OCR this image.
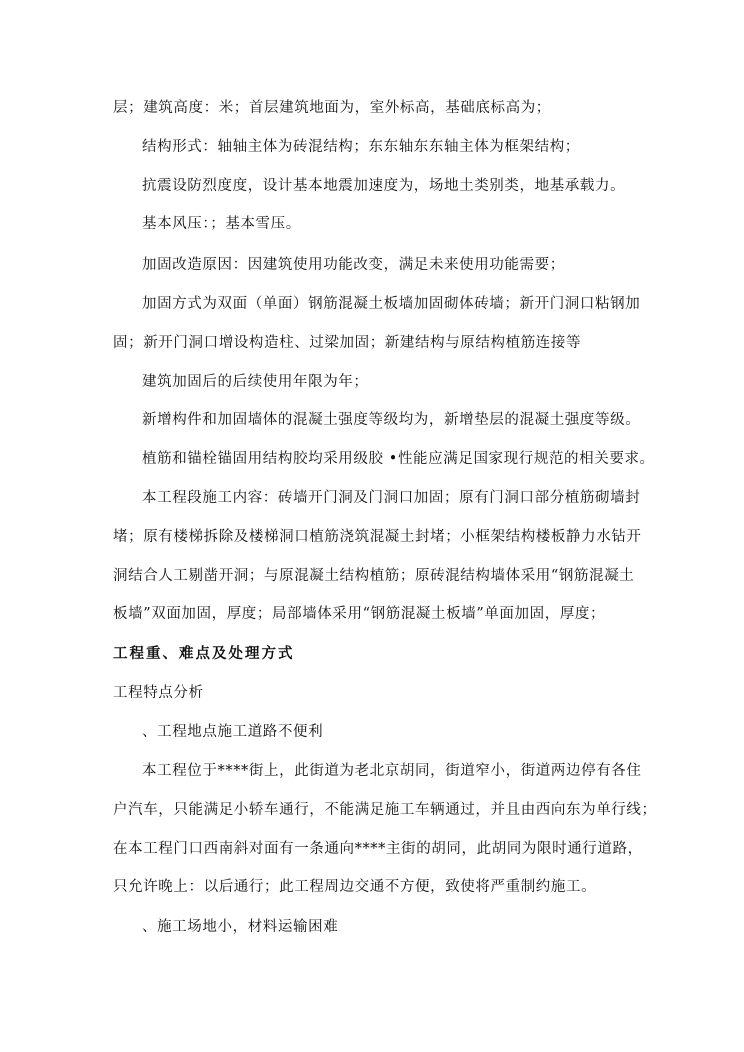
层；建筑高度：米；首层建筑地面为，室外标高，基础底标高为；
结构形式：轴轴主体为砖混结构；东东轴东东轴主体为框架结构；
抗震设防烈度度，设计基本地震加速度为，场地土类别类，地基承载力。
基本风压：；基本雪压。
加固改造原因：因建筑使用功能改变，满足未来使用功能需要；
加固方式为双面（单面）钢筋混凝土板墙加固砌体砖墙；新开门洞口粘钢加
固；新开门洞口增设构造柱、过梁加固；新建结构与原结构植筋连接等
建筑加固后的后续使用年限为年；
新增构件和加固墙体的混凝土强度等级均为，新增垫层的混凝土强度等级。
植筋和锚栓锚固用结构胶均采用级胶 •性能应满足国家现行规范的相关要求。
本工程段施工内容：砖墙开门洞及门洞口加固；原有门洞口部分植筋砌墙封
堵；原有楼梯拆除及楼梯洞口植筋浇筑混凝土封堵；小框架结构楼板静力水钻开
洞结合人工剔凿开洞；与原混凝土结构植筋；原砖混结构墙体采用“钢筋混凝土
板墙”双面加固，厚度；局部墙体采用“钢筋混凝土板墙”单面加固，厚度；
工程重、难点及处理方式
工程特点分析
、工程地点施工道路不便利
本工程位于****街上，此街道为老北京胡同，街道窄小，街道两边停有各住
户汽车，只能满足小轿车通行，不能满足施工车辆通过，并且由西向东为单行线；
在本工程门口西南斜对面有一条通向****主街的胡同，此胡同为限时通行道路，
只允许晚上：以后通行；此工程周边交通不方便，致使将严重制约施工。
、施工场地小，材料运输困难
